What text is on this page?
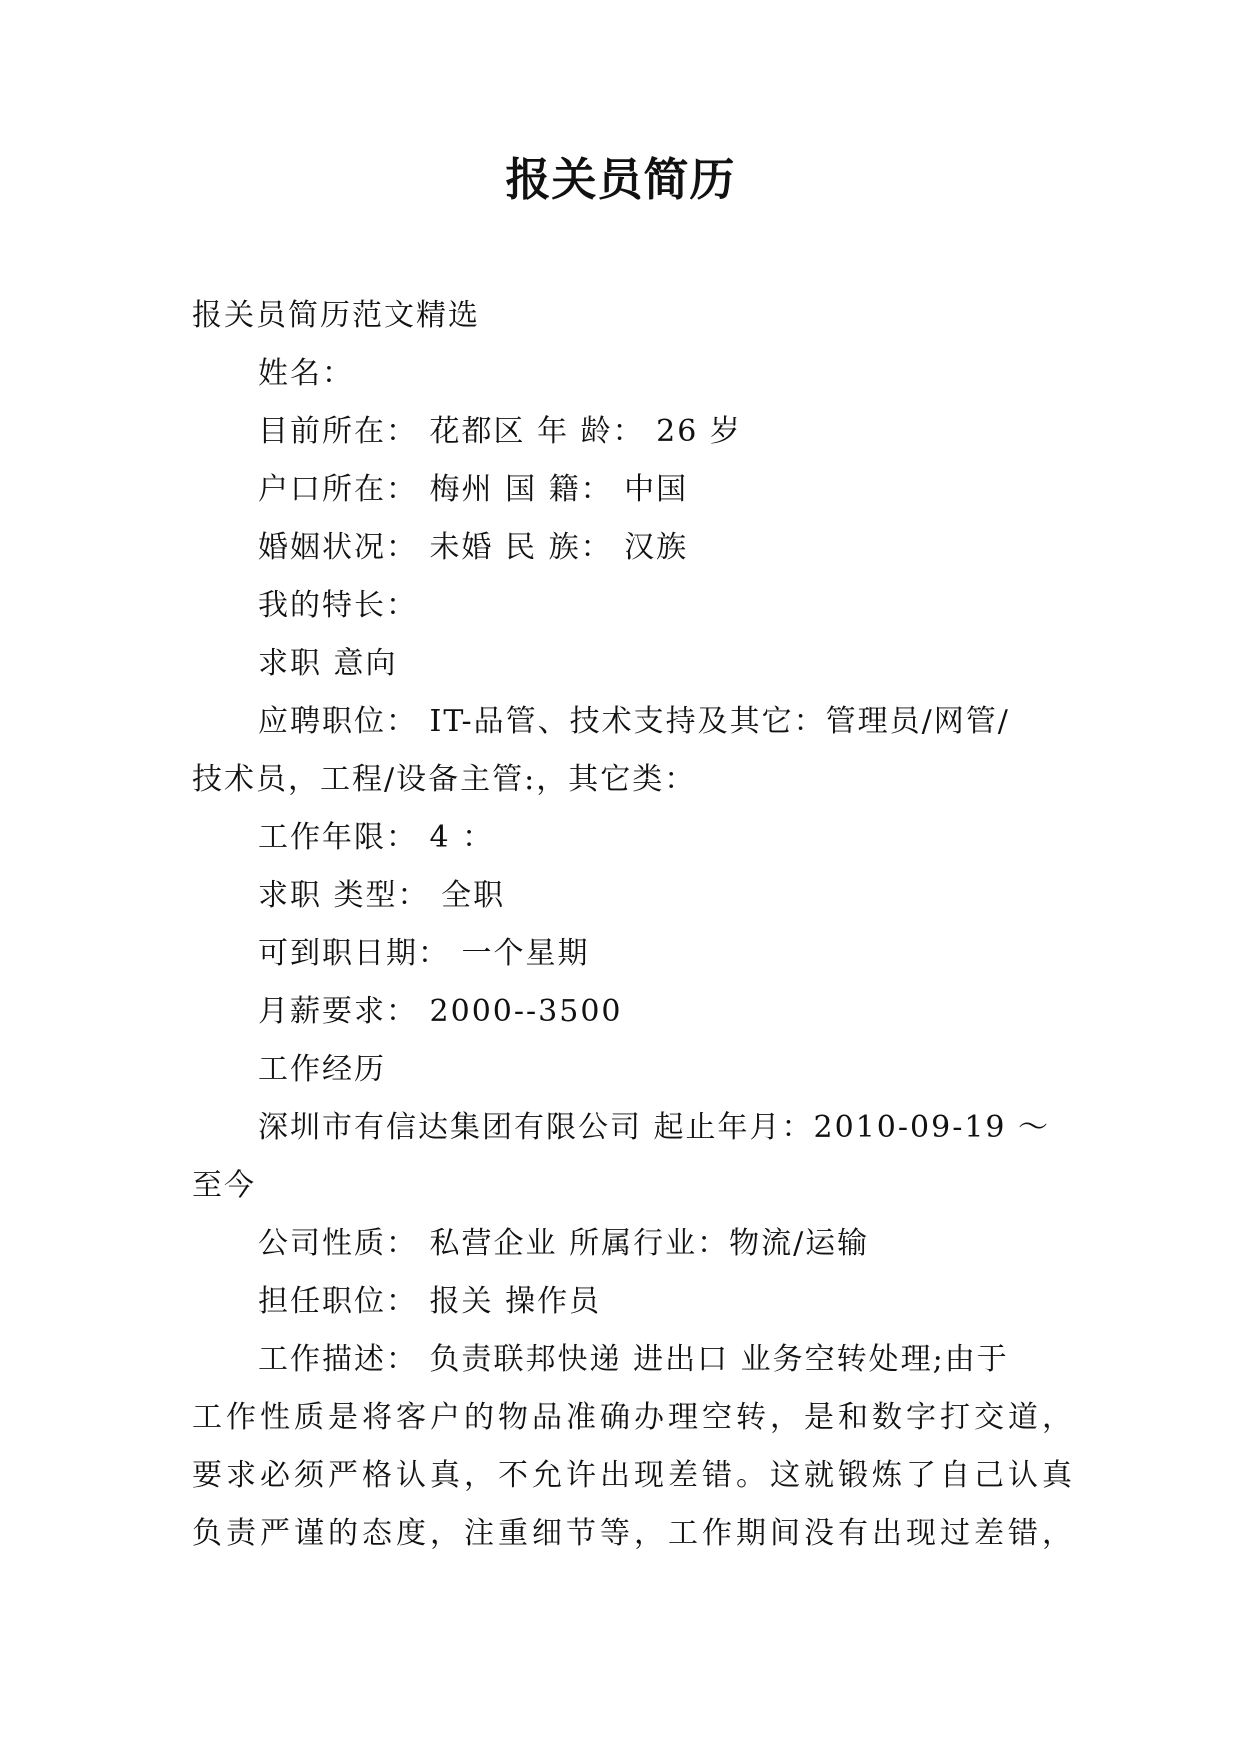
报关员简历
报关员简历范文精选
姓名：
目前所在： 花都区 年 龄： 26 岁
户口所在： 梅州 国 籍： 中国
婚姻状况： 未婚 民 族： 汉族
我的特长：
求职 意向
应聘职位： IT-品管、技术支持及其它：管理员/网管/
技术员，工程/设备主管:，其它类：
工作年限： 4 ：
求职 类型： 全职
可到职日期： 一个星期
月薪要求： 2000--3500
工作经历
深圳市有信达集团有限公司 起止年月：2010-09-19 ～
至今
公司性质： 私营企业 所属行业：物流/运输
担任职位： 报关 操作员
工作描述： 负责联邦快递 进出口 业务空转处理;由于
工作性质是将客户的物品准确办理空转，是和数字打交道，
要求必须严格认真，不允许出现差错。这就锻炼了自己认真
负责严谨的态度，注重细节等，工作期间没有出现过差错，
